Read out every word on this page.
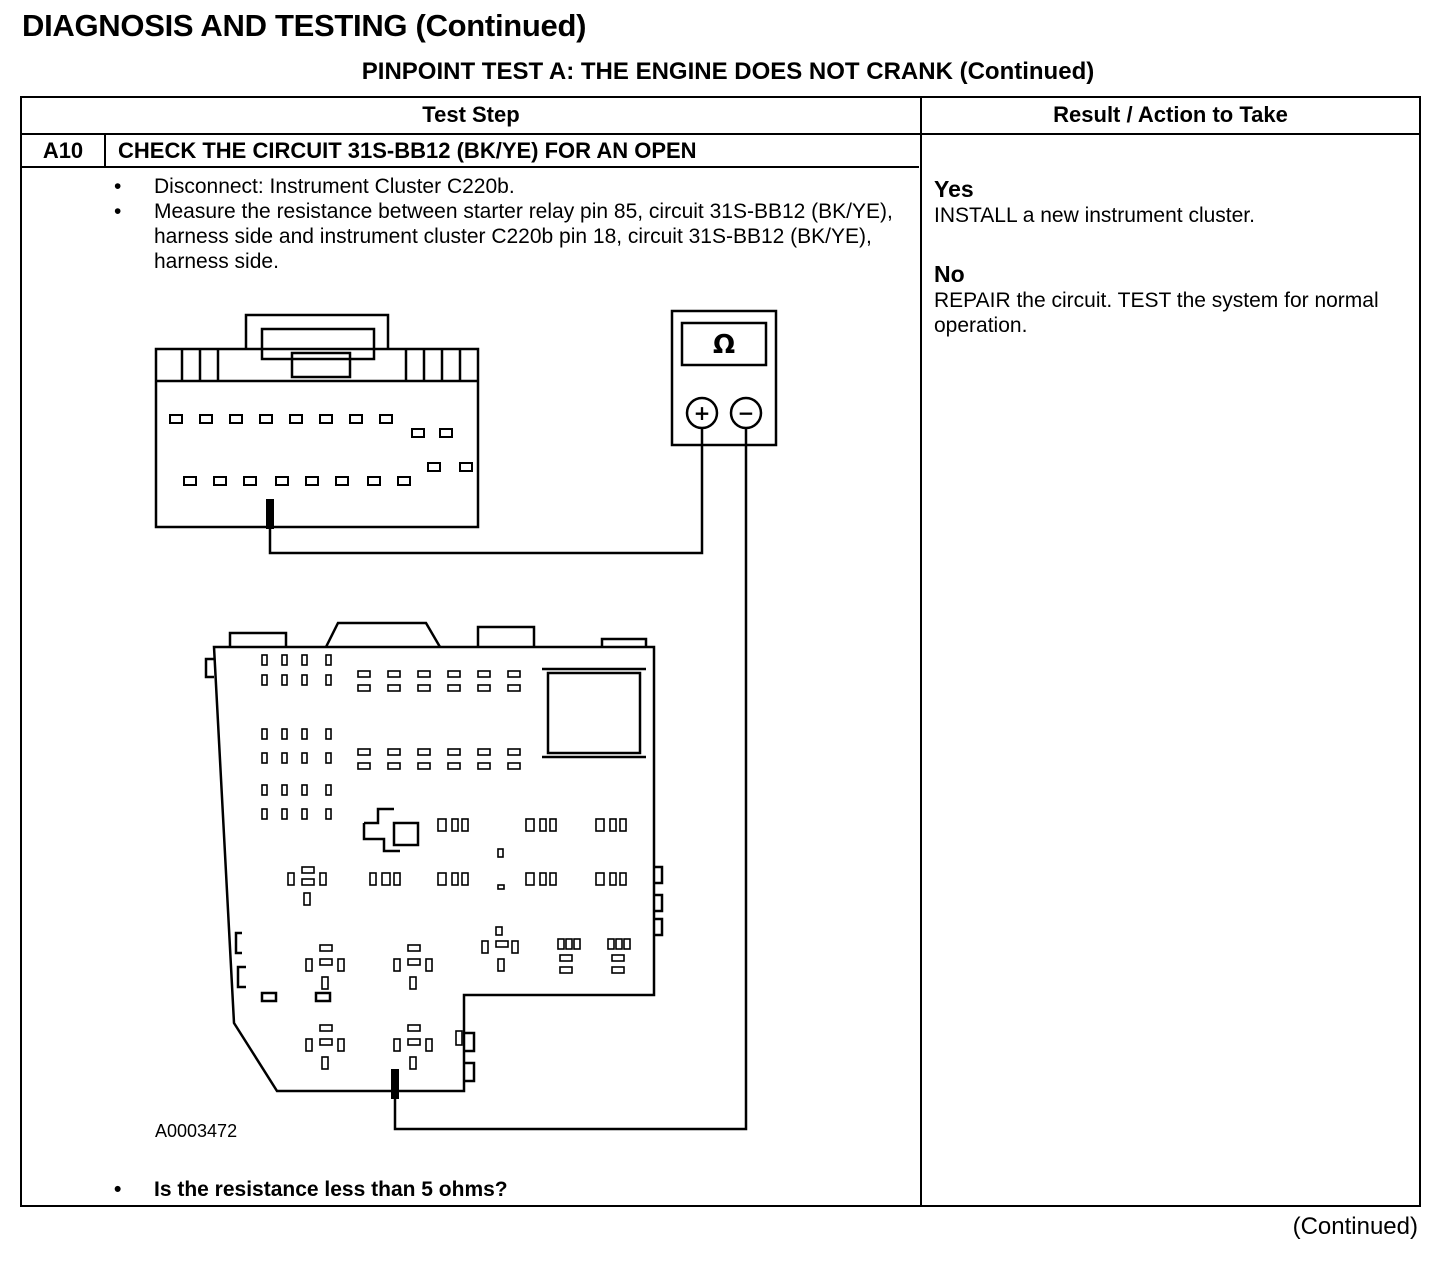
DIAGNOSIS AND TESTING (Continued)
PINPOINT TEST A: THE ENGINE DOES NOT CRANK (Continued)
Test Step	Result / Action to Take
A10	CHECK THE CIRCUIT 31S-BB12 (BK/YE) FOR AN OPEN
• Disconnect: Instrument Cluster C220b.
• Measure the resistance between starter relay pin 85, circuit 31S-BB12 (BK/YE), harness side and instrument cluster C220b pin 18, circuit 31S-BB12 (BK/YE), harness side.
Ω
+ −
A0003472
• Is the resistance less than 5 ohms?
Yes
INSTALL a new instrument cluster.
No
REPAIR the circuit. TEST the system for normal operation.
(Continued)
